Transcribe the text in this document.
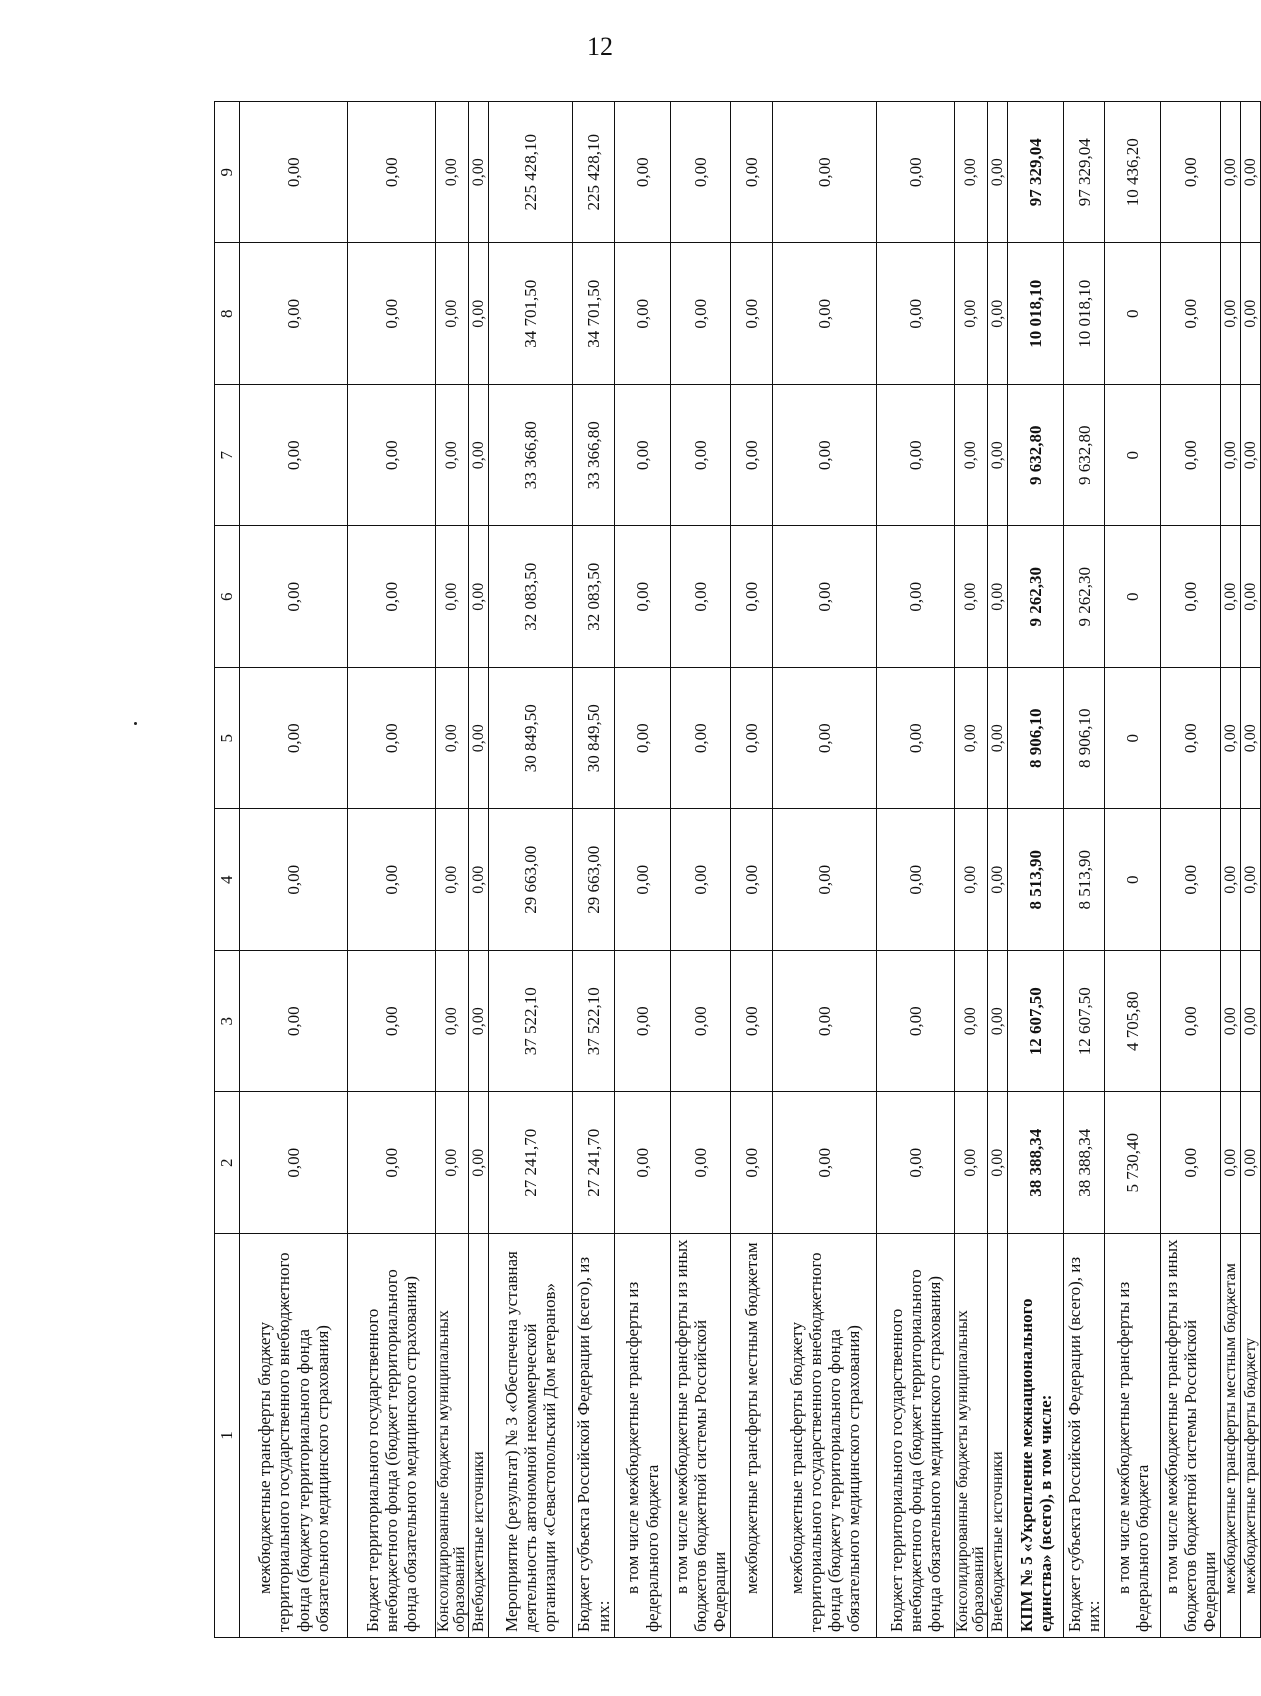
12
1	2	3	4	5	6	7	8	9
межбюджетные трансферты бюджету территориального государственного внебюджетного фонда (бюджету территориального фонда обязательного медицинского страхования)	0,00	0,00	0,00	0,00	0,00	0,00	0,00	0,00
Бюджет территориального государственного внебюджетного фонда (бюджет территориального фонда обязательного медицинского страхования)	0,00	0,00	0,00	0,00	0,00	0,00	0,00	0,00
Консолидированные бюджеты муниципальных образований	0,00	0,00	0,00	0,00	0,00	0,00	0,00	0,00
Внебюджетные источники	0,00	0,00	0,00	0,00	0,00	0,00	0,00	0,00
Мероприятие (результат) № 3 «Обеспечена уставная деятельность автономной некоммерческой организации «Севастопольский Дом ветеранов»	27 241,70	37 522,10	29 663,00	30 849,50	32 083,50	33 366,80	34 701,50	225 428,10
Бюджет субъекта Российской Федерации (всего), из них:	27 241,70	37 522,10	29 663,00	30 849,50	32 083,50	33 366,80	34 701,50	225 428,10
в том числе межбюджетные трансферты из федерального бюджета	0,00	0,00	0,00	0,00	0,00	0,00	0,00	0,00
в том числе межбюджетные трансферты из иных бюджетов бюджетной системы Российской Федерации	0,00	0,00	0,00	0,00	0,00	0,00	0,00	0,00
межбюджетные трансферты местным бюджетам	0,00	0,00	0,00	0,00	0,00	0,00	0,00	0,00
межбюджетные трансферты бюджету территориального государственного внебюджетного фонда (бюджету территориального фонда обязательного медицинского страхования)	0,00	0,00	0,00	0,00	0,00	0,00	0,00	0,00
Бюджет территориального государственного внебюджетного фонда (бюджет территориального фонда обязательного медицинского страхования)	0,00	0,00	0,00	0,00	0,00	0,00	0,00	0,00
Консолидированные бюджеты муниципальных образований	0,00	0,00	0,00	0,00	0,00	0,00	0,00	0,00
Внебюджетные источники	0,00	0,00	0,00	0,00	0,00	0,00	0,00	0,00
КПМ № 5 «Укрепление межнационального единства» (всего), в том числе:	38 388,34	12 607,50	8 513,90	8 906,10	9 262,30	9 632,80	10 018,10	97 329,04
Бюджет субъекта Российской Федерации (всего), из них:	38 388,34	12 607,50	8 513,90	8 906,10	9 262,30	9 632,80	10 018,10	97 329,04
в том числе межбюджетные трансферты из федерального бюджета	5 730,40	4 705,80	0	0	0	0	0	10 436,20
в том числе межбюджетные трансферты из иных бюджетов бюджетной системы Российской Федерации	0,00	0,00	0,00	0,00	0,00	0,00	0,00	0,00
межбюджетные трансферты местным бюджетам	0,00	0,00	0,00	0,00	0,00	0,00	0,00	0,00
межбюджетные трансферты бюджету	0,00	0,00	0,00	0,00	0,00	0,00	0,00	0,00
